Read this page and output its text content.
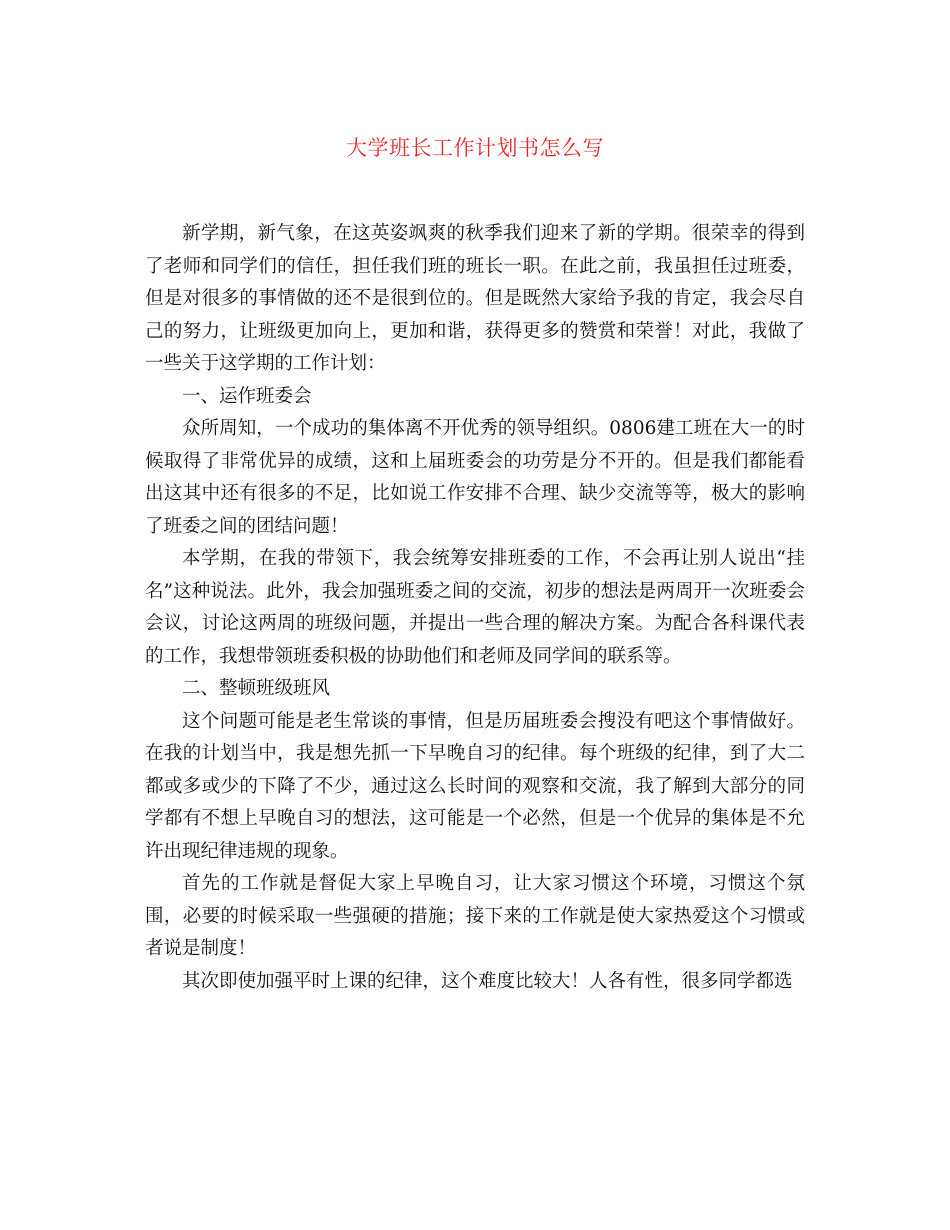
大学班长工作计划书怎么写

新学期，新气象，在这英姿飒爽的秋季我们迎来了新的学期。很荣幸的得到了老师和同学们的信任，担任我们班的班长一职。在此之前，我虽担任过班委，但是对很多的事情做的还不是很到位的。但是既然大家给予我的肯定，我会尽自己的努力，让班级更加向上，更加和谐，获得更多的赞赏和荣誉！对此，我做了一些关于这学期的工作计划：

一、运作班委会

众所周知，一个成功的集体离不开优秀的领导组织。0806建工班在大一的时候取得了非常优异的成绩，这和上届班委会的功劳是分不开的。但是我们都能看出这其中还有很多的不足，比如说工作安排不合理、缺少交流等等，极大的影响了班委之间的团结问题！

本学期，在我的带领下，我会统筹安排班委的工作，不会再让别人说出“挂名”这种说法。此外，我会加强班委之间的交流，初步的想法是两周开一次班委会会议，讨论这两周的班级问题，并提出一些合理的解决方案。为配合各科课代表的工作，我想带领班委积极的协助他们和老师及同学间的联系等。

二、整顿班级班风

这个问题可能是老生常谈的事情，但是历届班委会搜没有吧这个事情做好。在我的计划当中，我是想先抓一下早晚自习的纪律。每个班级的纪律，到了大二都或多或少的下降了不少，通过这么长时间的观察和交流，我了解到大部分的同学都有不想上早晚自习的想法，这可能是一个必然，但是一个优异的集体是不允许出现纪律违规的现象。

首先的工作就是督促大家上早晚自习，让大家习惯这个环境，习惯这个氛围，必要的时候采取一些强硬的措施；接下来的工作就是使大家热爱这个习惯或者说是制度！

其次即使加强平时上课的纪律，这个难度比较大！人各有性，很多同学都选
